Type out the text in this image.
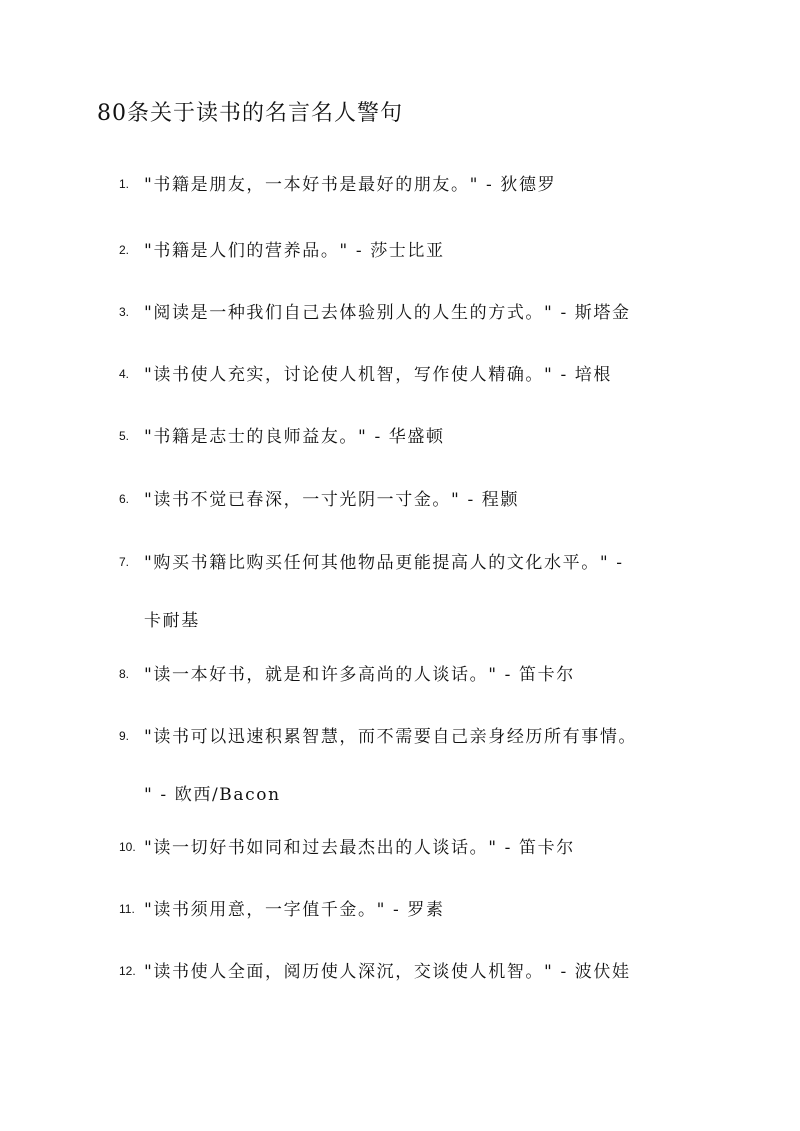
80条关于读书的名言名人警句
1. "书籍是朋友，一本好书是最好的朋友。" - 狄德罗
2. "书籍是人们的营养品。" - 莎士比亚
3. "阅读是一种我们自己去体验别人的人生的方式。" - 斯塔金
4. "读书使人充实，讨论使人机智，写作使人精确。" - 培根
5. "书籍是志士的良师益友。" - 华盛顿
6. "读书不觉已春深，一寸光阴一寸金。" - 程颢
7. "购买书籍比购买任何其他物品更能提高人的文化水平。" -
卡耐基
8. "读一本好书，就是和许多高尚的人谈话。" - 笛卡尔
9. "读书可以迅速积累智慧，而不需要自己亲身经历所有事情。
" - 欧西/Bacon
10. "读一切好书如同和过去最杰出的人谈话。" - 笛卡尔
11. "读书须用意，一字值千金。" - 罗素
12. "读书使人全面，阅历使人深沉，交谈使人机智。" - 波伏娃
